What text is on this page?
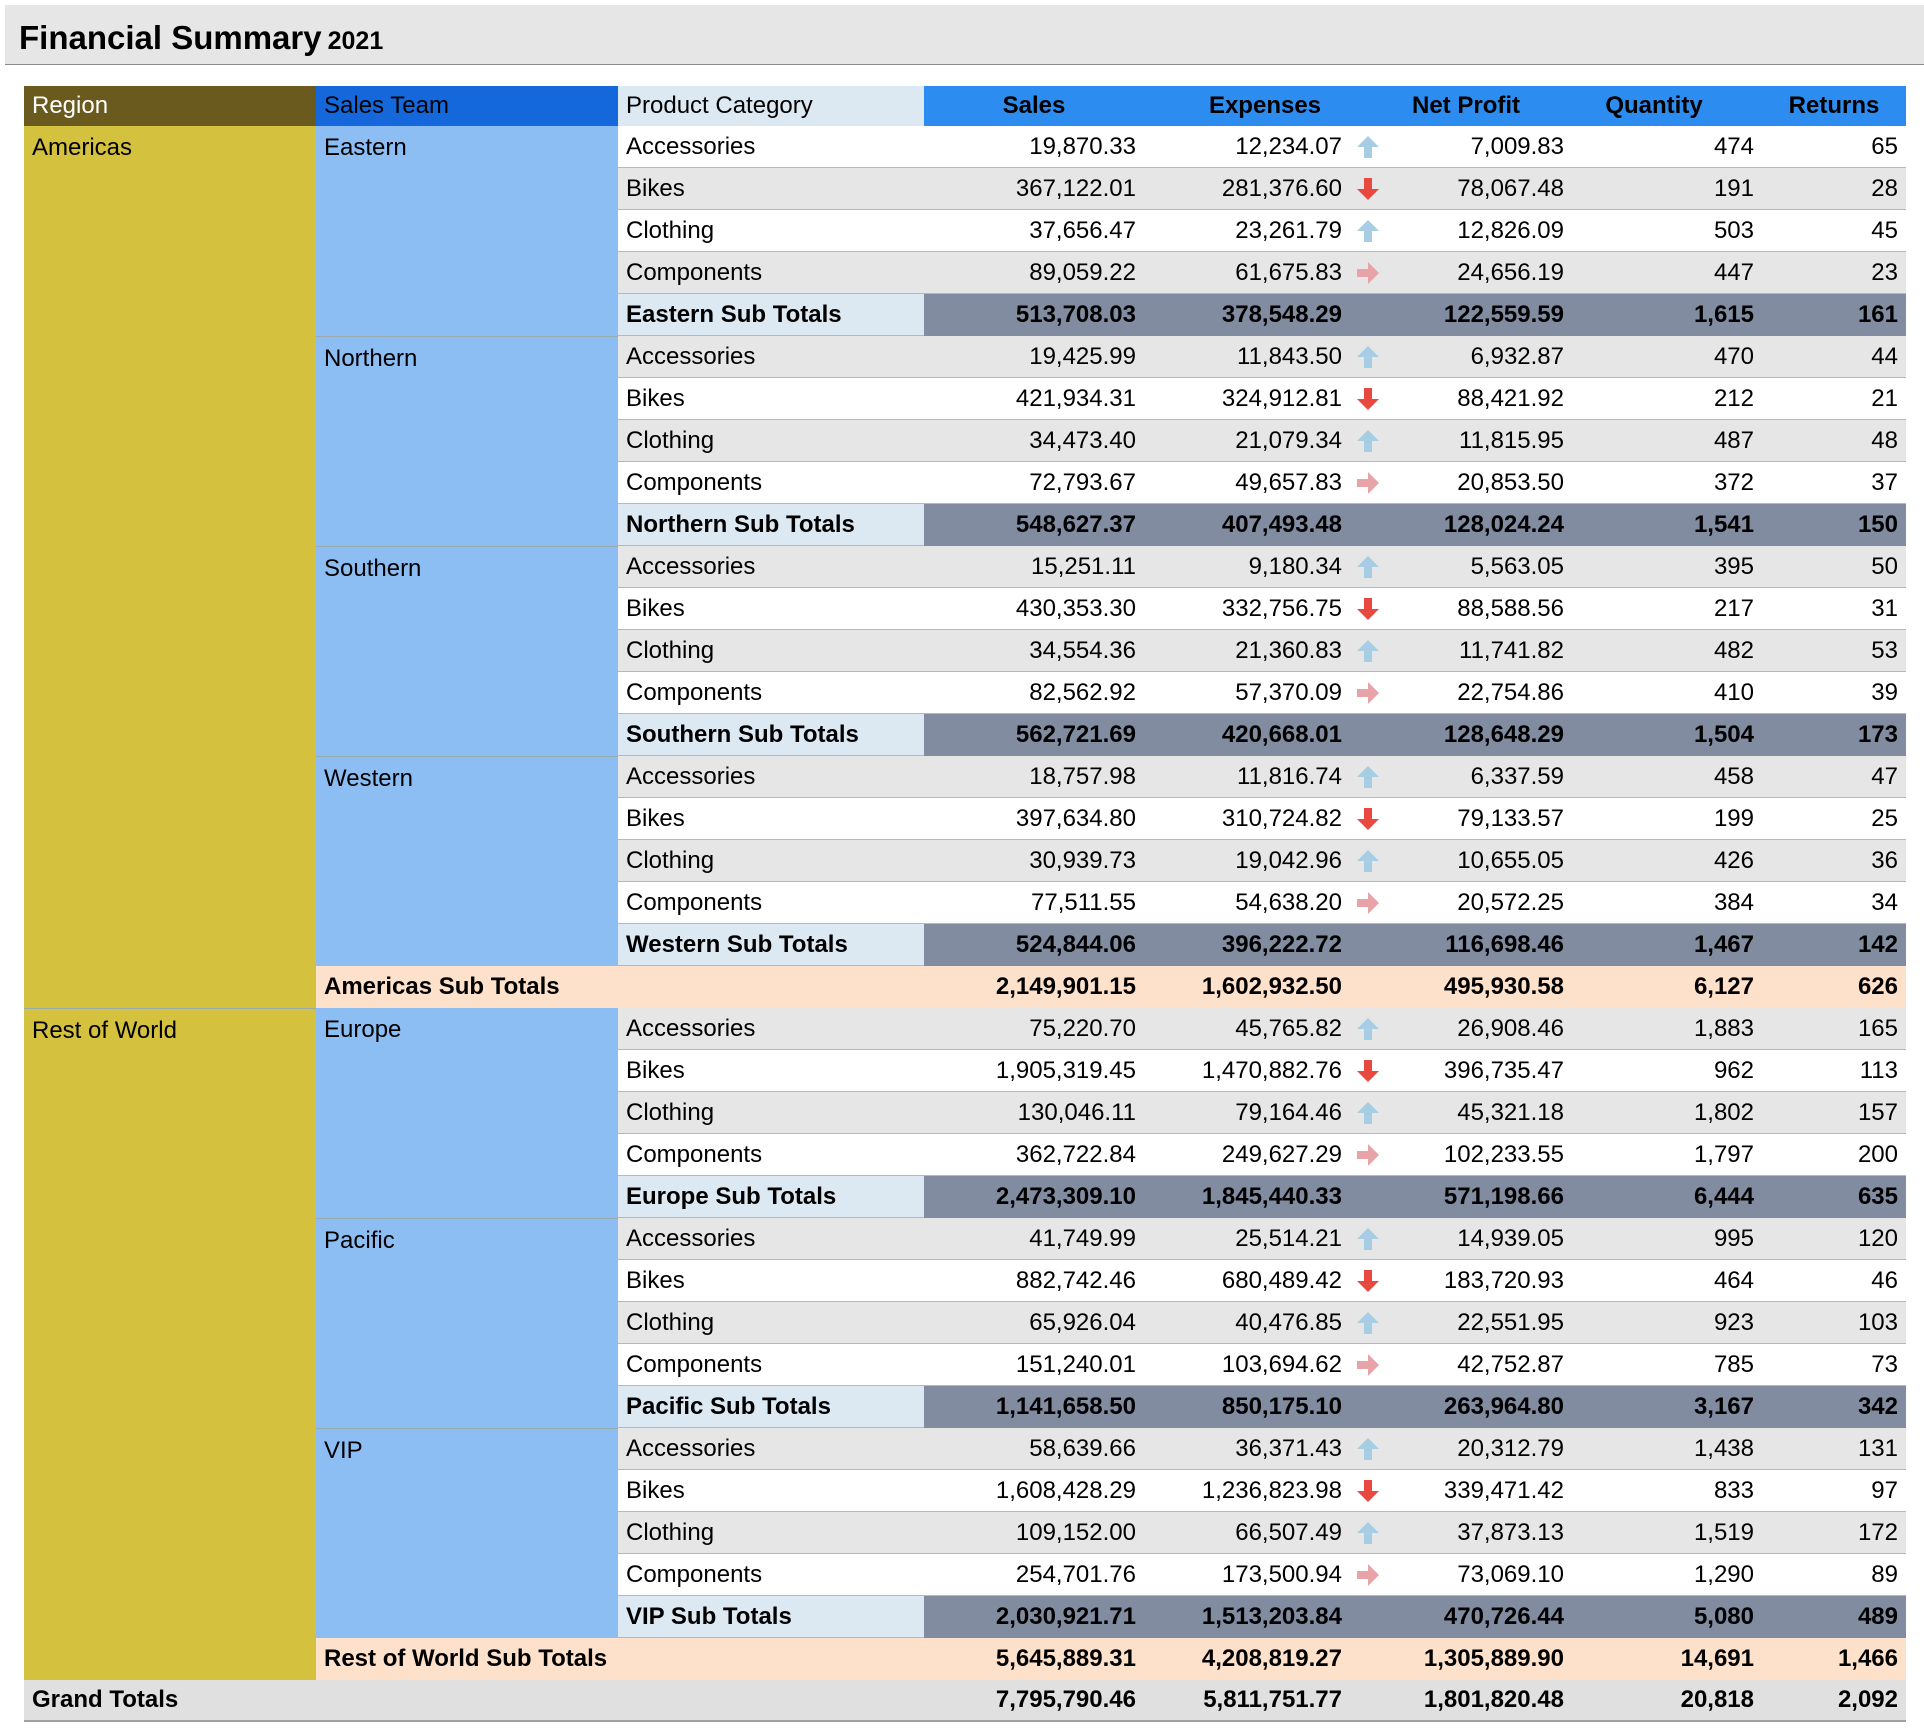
Financial Summary 2021
Region	Sales Team	Product Category	Sales	Expenses	Net Profit	Quantity	Returns
Americas	Eastern	Accessories	19,870.33	12,234.07	7,009.83	474	65
Bikes	367,122.01	281,376.60	78,067.48	191	28
Clothing	37,656.47	23,261.79	12,826.09	503	45
Components	89,059.22	61,675.83	24,656.19	447	23
Eastern Sub Totals	513,708.03	378,548.29	122,559.59	1,615	161
Northern	Accessories	19,425.99	11,843.50	6,932.87	470	44
Bikes	421,934.31	324,912.81	88,421.92	212	21
Clothing	34,473.40	21,079.34	11,815.95	487	48
Components	72,793.67	49,657.83	20,853.50	372	37
Northern Sub Totals	548,627.37	407,493.48	128,024.24	1,541	150
Southern	Accessories	15,251.11	9,180.34	5,563.05	395	50
Bikes	430,353.30	332,756.75	88,588.56	217	31
Clothing	34,554.36	21,360.83	11,741.82	482	53
Components	82,562.92	57,370.09	22,754.86	410	39
Southern Sub Totals	562,721.69	420,668.01	128,648.29	1,504	173
Western	Accessories	18,757.98	11,816.74	6,337.59	458	47
Bikes	397,634.80	310,724.82	79,133.57	199	25
Clothing	30,939.73	19,042.96	10,655.05	426	36
Components	77,511.55	54,638.20	20,572.25	384	34
Western Sub Totals	524,844.06	396,222.72	116,698.46	1,467	142
Americas Sub Totals	2,149,901.15	1,602,932.50	495,930.58	6,127	626
Rest of World	Europe	Accessories	75,220.70	45,765.82	26,908.46	1,883	165
Bikes	1,905,319.45	1,470,882.76	396,735.47	962	113
Clothing	130,046.11	79,164.46	45,321.18	1,802	157
Components	362,722.84	249,627.29	102,233.55	1,797	200
Europe Sub Totals	2,473,309.10	1,845,440.33	571,198.66	6,444	635
Pacific	Accessories	41,749.99	25,514.21	14,939.05	995	120
Bikes	882,742.46	680,489.42	183,720.93	464	46
Clothing	65,926.04	40,476.85	22,551.95	923	103
Components	151,240.01	103,694.62	42,752.87	785	73
Pacific Sub Totals	1,141,658.50	850,175.10	263,964.80	3,167	342
VIP	Accessories	58,639.66	36,371.43	20,312.79	1,438	131
Bikes	1,608,428.29	1,236,823.98	339,471.42	833	97
Clothing	109,152.00	66,507.49	37,873.13	1,519	172
Components	254,701.76	173,500.94	73,069.10	1,290	89
VIP Sub Totals	2,030,921.71	1,513,203.84	470,726.44	5,080	489
Rest of World Sub Totals	5,645,889.31	4,208,819.27	1,305,889.90	14,691	1,466
Grand Totals	7,795,790.46	5,811,751.77	1,801,820.48	20,818	2,092
